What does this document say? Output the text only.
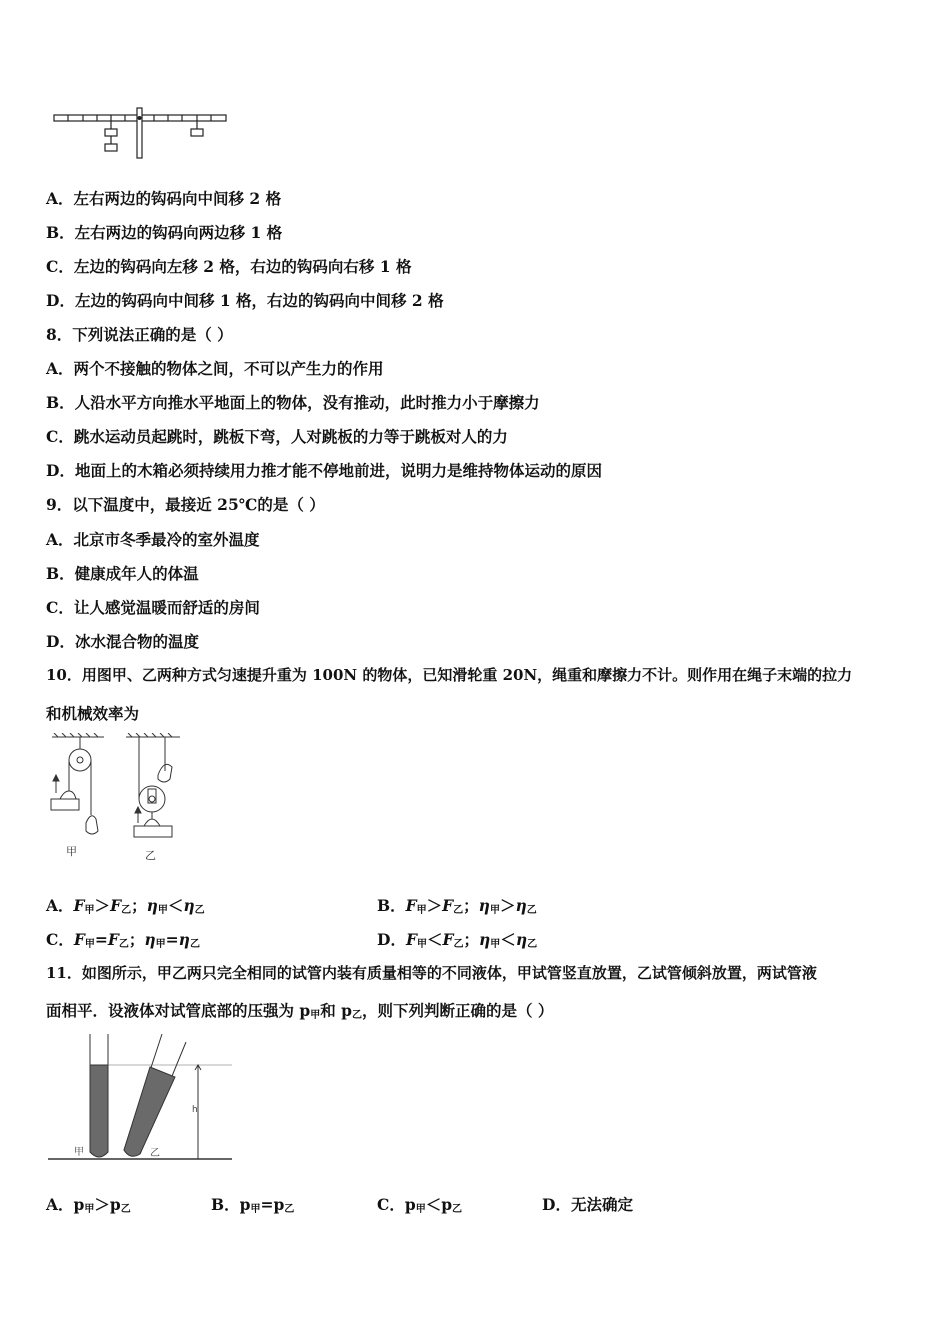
A．左右两边的钩码向中间移 2 格
B．左右两边的钩码向两边移 1 格
C．左边的钩码向左移 2 格，右边的钩码向右移 1 格
D．左边的钩码向中间移 1 格，右边的钩码向中间移 2 格
8．下列说法正确的是（ ）
A．两个不接触的物体之间，不可以产生力的作用
B．人沿水平方向推水平地面上的物体，没有推动，此时推力小于摩擦力
C．跳水运动员起跳时，跳板下弯，人对跳板的力等于跳板对人的力
D．地面上的木箱必须持续用力推才能不停地前进，说明力是维持物体运动的原因
9．以下温度中，最接近 25℃的是（ ）
A．北京市冬季最冷的室外温度
B．健康成年人的体温
C．让人感觉温暖而舒适的房间
D．冰水混合物的温度
10．用图甲、乙两种方式匀速提升重为 100N 的物体，已知滑轮重 20N，绳重和摩擦力不计。则作用在绳子末端的拉力
和机械效率为
甲	乙
A．$F_甲>F_乙$；$\eta_甲<\eta_乙$	B．$F_甲>F_乙$；$\eta_甲>\eta_乙$
C．$F_甲=F_乙$；$\eta_甲=\eta_乙$	D．$F_甲<F_乙$；$\eta_甲<\eta_乙$
11．如图所示，甲乙两只完全相同的试管内装有质量相等的不同液体，甲试管竖直放置，乙试管倾斜放置，两试管液
面相平．设液体对试管底部的压强为 $p_甲$和 $p_乙$，则下列判断正确的是（ ）
甲	乙
h
A．$p_甲>p_乙$	B．$p_甲=p_乙$	C．$p_甲<p_乙$	D．无法确定
